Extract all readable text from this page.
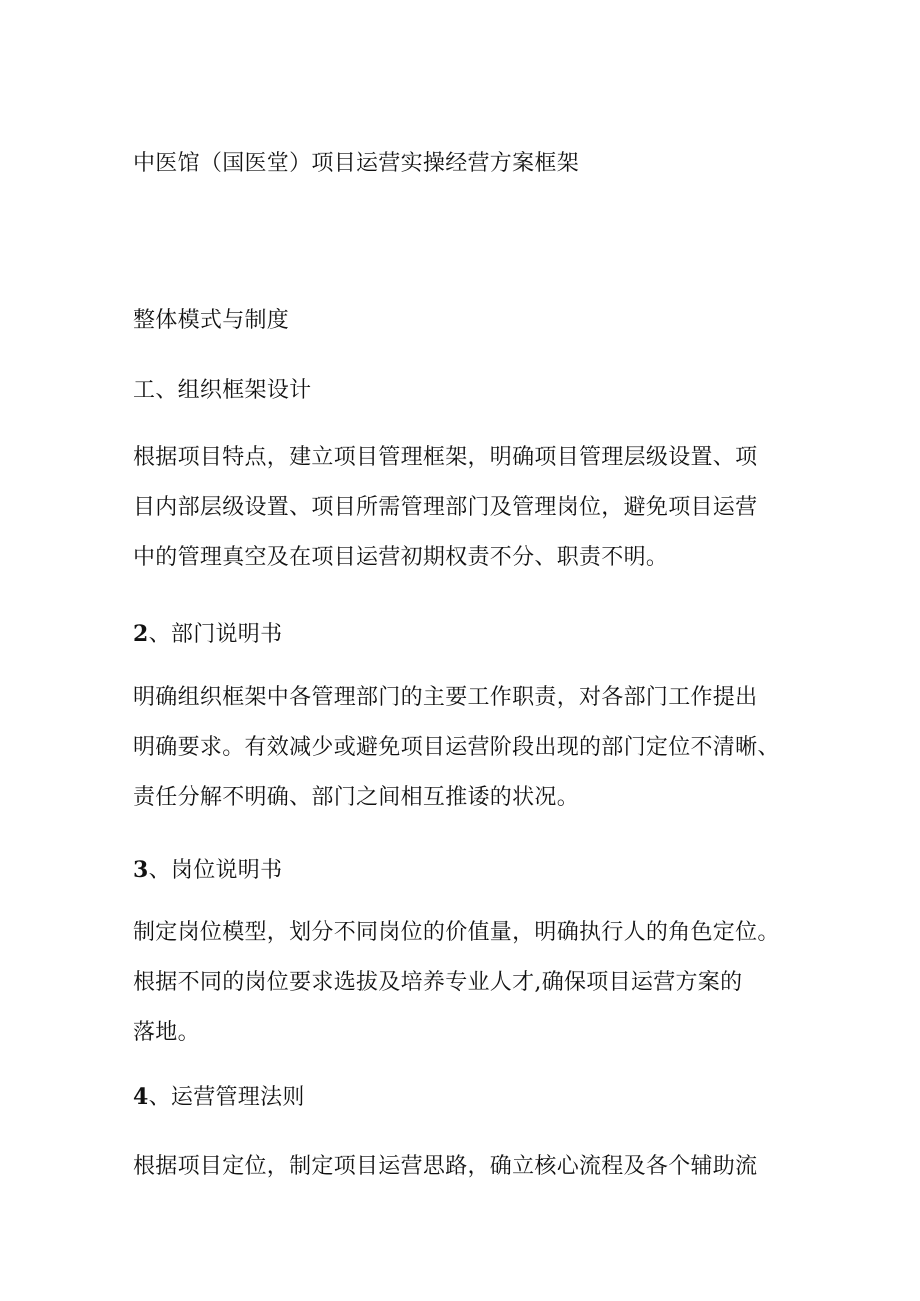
中医馆（国医堂）项目运营实操经营方案框架
整体模式与制度
工、组织框架设计
根据项目特点，建立项目管理框架，明确项目管理层级设置、项
目内部层级设置、项目所需管理部门及管理岗位，避免项目运营
中的管理真空及在项目运营初期权责不分、职责不明。
2、部门说明书
明确组织框架中各管理部门的主要工作职责，对各部门工作提出
明确要求。有效减少或避免项目运营阶段出现的部门定位不清晰、
责任分解不明确、部门之间相互推诿的状况。
3、岗位说明书
制定岗位模型，划分不同岗位的价值量，明确执行人的角色定位。
根据不同的岗位要求选拔及培养专业人才,确保项目运营方案的
落地。
4、运营管理法则
根据项目定位，制定项目运营思路，确立核心流程及各个辅助流
